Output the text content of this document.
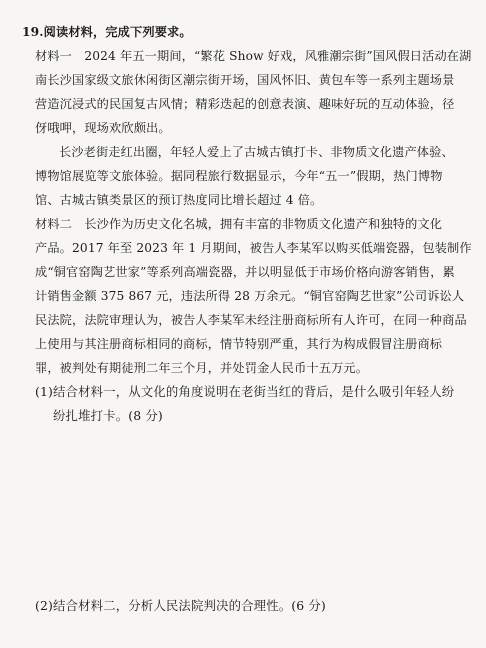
19.阅读材料，完成下列要求。
材料一　2024 年五一期间，“繁花 Show 好戏，风雅潮宗街”国风假日活动在湖
南长沙国家级文旅休闲街区潮宗街开场，国风怀旧、黄包车等一系列主题场景
营造沉浸式的民国复古风情；精彩迭起的创意表演、趣味好玩的互动体验，径
伢哦呷，现场欢欣颇出。
长沙老街走红出圈，年轻人爱上了古城古镇打卡、非物质文化遗产体验、
博物馆展览等文旅体验。据同程旅行数据显示，今年“五一”假期，热门博物
馆、古城古镇类景区的预订热度同比增长超过 4 倍。
材料二　长沙作为历史文化名城，拥有丰富的非物质文化遗产和独特的文化
产品。2017 年至 2023 年 1 月期间，被告人李某军以购买低端瓷器，包装制作
成“铜官窑陶艺世家”等系列高端瓷器，并以明显低于市场价格向游客销售，累
计销售金额 375 867 元，违法所得 28 万余元。“铜官窑陶艺世家”公司诉讼人
民法院，法院审理认为，被告人李某军未经注册商标所有人许可，在同一种商品
上使用与其注册商标相同的商标，情节特别严重，其行为构成假冒注册商标
罪，被判处有期徒刑二年三个月，并处罚金人民币十五万元。
(1)结合材料一，从文化的角度说明在老街当红的背后，是什么吸引年轻人纷
纷扎堆打卡。(8 分)
(2)结合材料二，分析人民法院判决的合理性。(6 分)
